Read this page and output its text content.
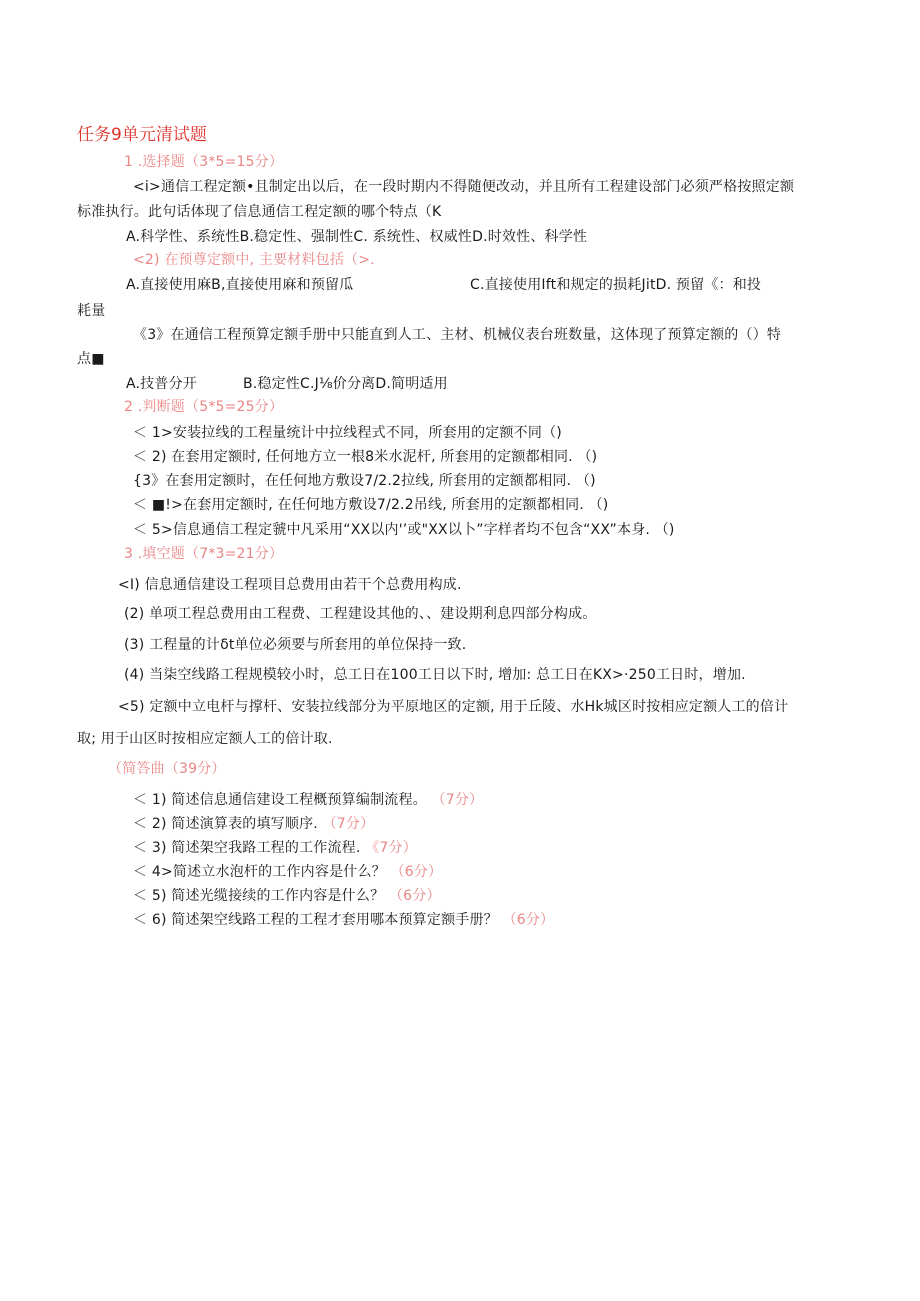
任务9单元清试题
1 .选择题（3*5=15分）
<i>通信工程定额•且制定出以后，在一段时期内不得随便改动，并且所有工程建设部门必须严格按照定额
标准执行。此句话体现了信息通信工程定额的哪个特点（K
A.科学性、系统性B.稳定性、强制性C. 系统性、权威性D.时效性、科学性
<2) 在预尊定额中, 主要材料包括（>.
A.直接使用麻B,直接使用麻和预留瓜	C.直接使用Ift和规定的损耗JitD. 预留《：和投
耗量
《3》在通信工程预算定额手册中只能直到人工、主材、机械仪表台班数量，这体现了预算定额的（）特
点■
A.技普分开	B.稳定性C.J⅛价分离D.简明适用
2 .判断题（5*5=25分）
＜ 1>安装拉线的工程量统计中拉线程式不同，所套用的定额不同（)
＜ 2) 在套用定额时, 任何地方立一根8米水泥杆, 所套用的定额都相同. （)
{3》在套用定额时，在任何地方敷设7/2.2拉线, 所套用的定额都相同. （)
＜ ■!>在套用定额时, 在任何地方敷设7/2.2吊线, 所套用的定额都相同. （)
＜ 5>信息通信工程定虢中凡采用“XX以内'’或"XX以卜”字样者均不包含“XX”本身. （)
3 .填空题（7*3=21分）
<I) 信息通信建设工程项目总费用由若干个总费用构成.
(2) 单项工程总费用由工程费、工程建设其他的、、建设期利息四部分构成。
(3) 工程量的计δt单位必须要与所套用的单位保持一致.
(4) 当柒空线路工程规模较小时，总工日在100工日以下时, 增加: 总工日在KX>·250工日时，增加.
<5) 定额中立电杆与撑杆、安装拉线部分为平原地区的定额, 用于丘陵、水Hk城区时按相应定额人工的倍计
取; 用于山区时按相应定额人工的倍计取.
（简答曲（39分）
＜ 1) 简述信息通信建设工程概预算编制流程。 （7分）
＜ 2) 简述演算表的填写顺序. （7分）
＜ 3) 简述架空我路工程的工作流程. 《7分）
＜ 4>简述立水泡杆的工作内容是什么？ （6分）
＜ 5) 简述光缆接续的工作内容是什么？ （6分）
＜ 6) 简述架空线路工程的工程才套用哪本预算定额手册？ （6分）
